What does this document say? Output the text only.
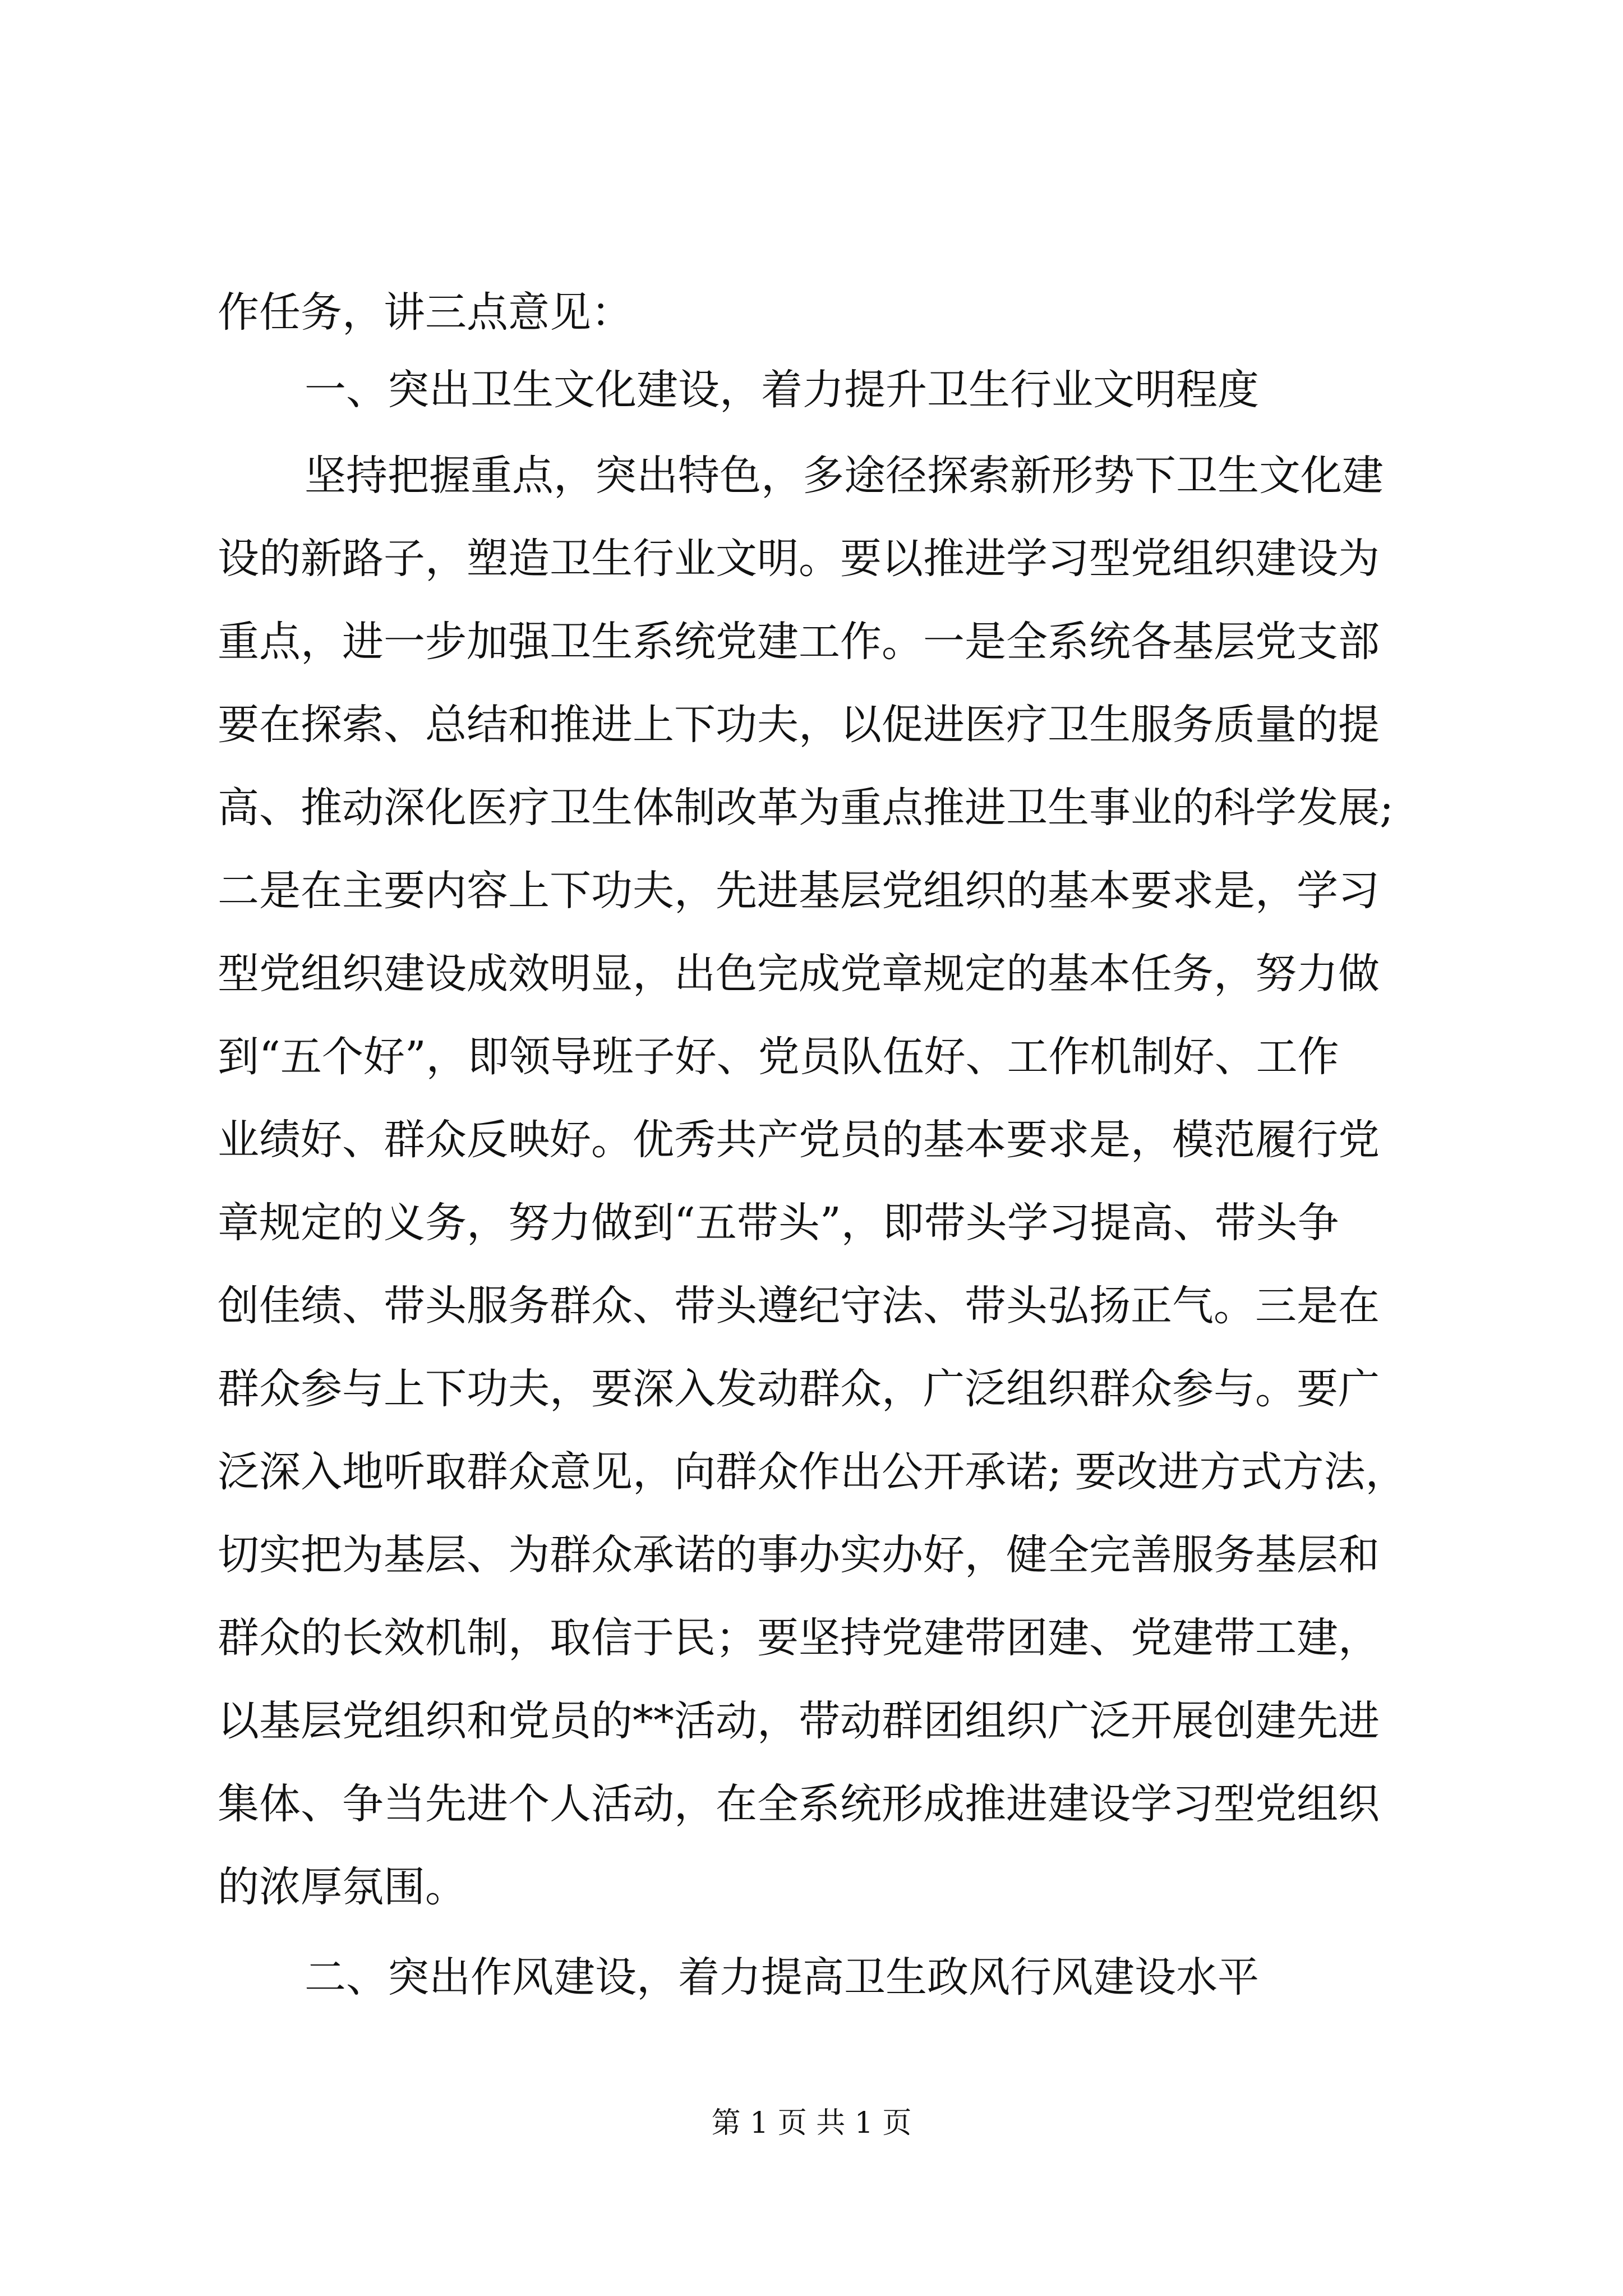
作任务，讲三点意见：
一、突出卫生文化建设，着力提升卫生行业文明程度
坚持把握重点，突出特色，多途径探索新形势下卫生文化建
设的新路子，塑造卫生行业文明。要以推进学习型党组织建设为
重点，进一步加强卫生系统党建工作。一是全系统各基层党支部
要在探索、总结和推进上下功夫，以促进医疗卫生服务质量的提
高、推动深化医疗卫生体制改革为重点推进卫生事业的科学发展;
二是在主要内容上下功夫，先进基层党组织的基本要求是，学习
型党组织建设成效明显，出色完成党章规定的基本任务，努力做
到“五个好”，即领导班子好、党员队伍好、工作机制好、工作
业绩好、群众反映好。优秀共产党员的基本要求是，模范履行党
章规定的义务，努力做到“五带头”，即带头学习提高、带头争
创佳绩、带头服务群众、带头遵纪守法、带头弘扬正气。三是在
群众参与上下功夫，要深入发动群众，广泛组织群众参与。要广
泛深入地听取群众意见，向群众作出公开承诺; 要改进方式方法，
切实把为基层、为群众承诺的事办实办好，健全完善服务基层和
群众的长效机制，取信于民；要坚持党建带团建、党建带工建，
以基层党组织和党员的**活动，带动群团组织广泛开展创建先进
集体、争当先进个人活动，在全系统形成推进建设学习型党组织
的浓厚氛围。
二、突出作风建设，着力提高卫生政风行风建设水平
第 1 页 共 1 页
